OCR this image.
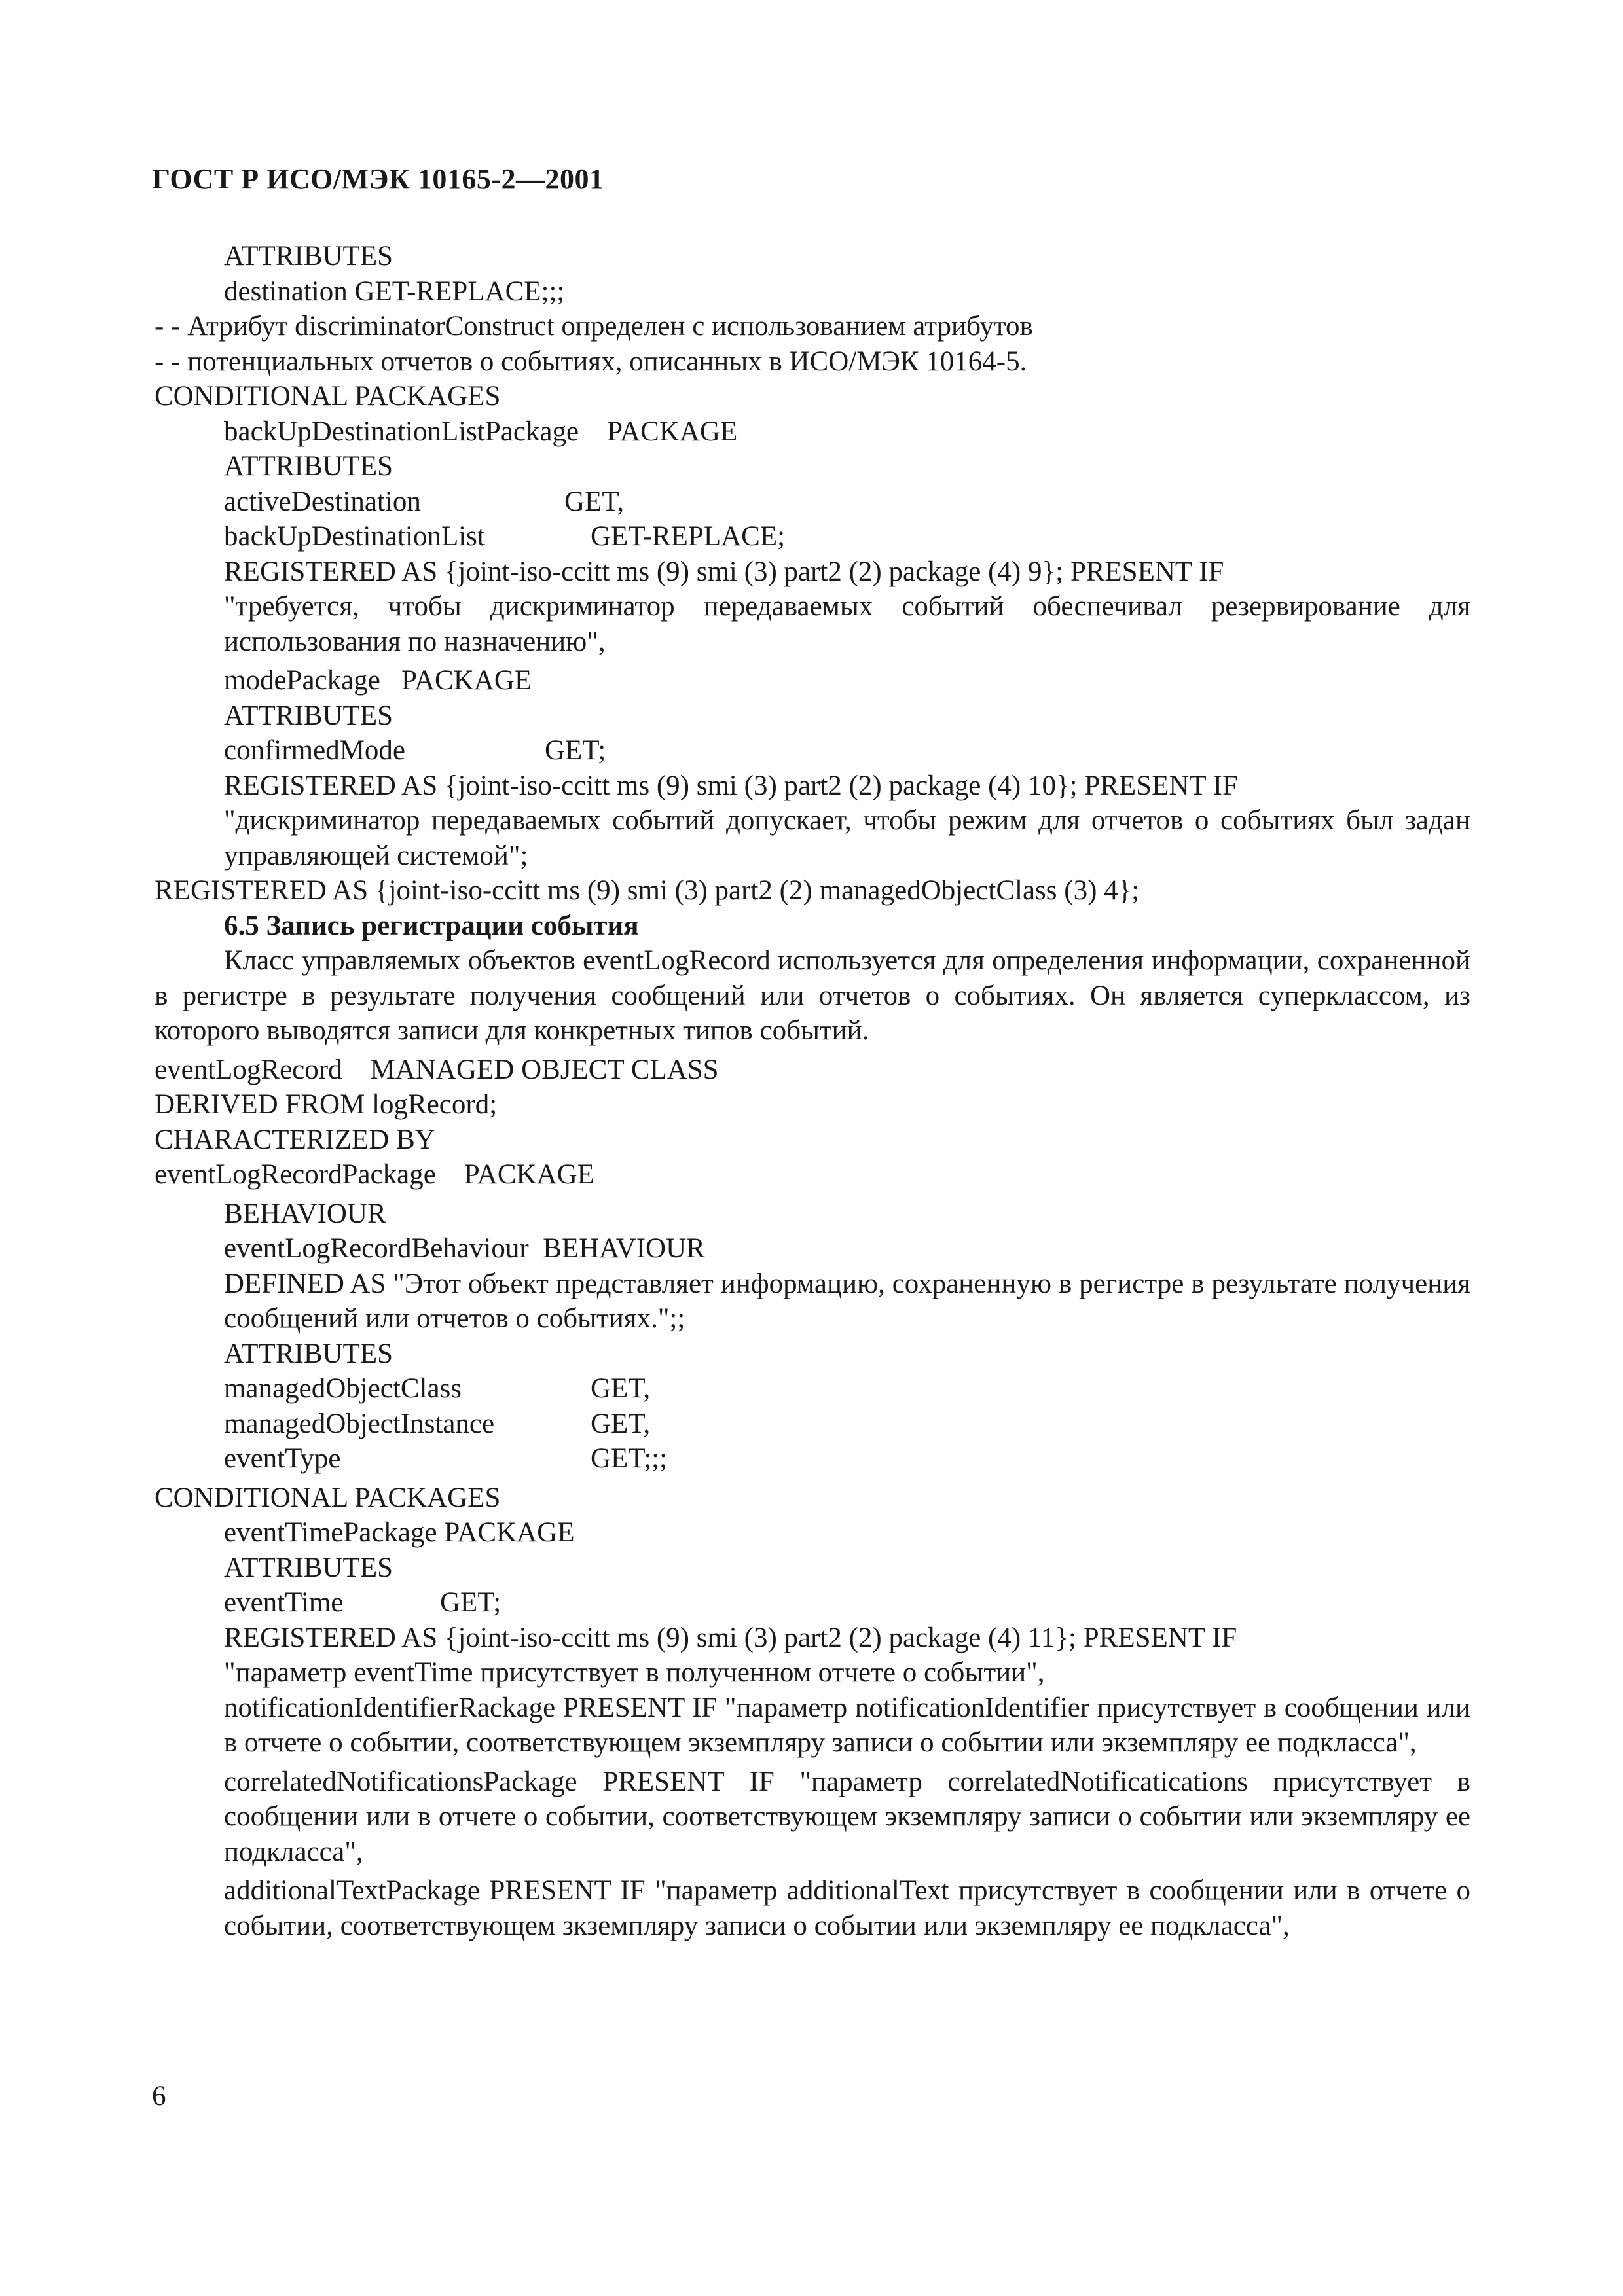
ГОСТ Р ИСО/МЭК 10165-2—2001
ATTRIBUTES
destination GET-REPLACE;;;
- - Атрибут discriminatorConstruct определен с использованием атрибутов
- - потенциальных отчетов о событиях, описанных в ИСО/МЭК 10164-5.
CONDITIONAL PACKAGES
backUpDestinationListPackage    PACKAGE
ATTRIBUTES
activeDestination	GET,
backUpDestinationList	GET-REPLACE;
REGISTERED AS {joint-iso-ccitt ms (9) smi (3) part2 (2) package (4) 9}; PRESENT IF
"требуется, чтобы дискриминатор передаваемых событий обеспечивал резервирование для использования по назначению",
modePackage   PACKAGE
ATTRIBUTES
confirmedMode	GET;
REGISTERED AS {joint-iso-ccitt ms (9) smi (3) part2 (2) package (4) 10}; PRESENT IF
"дискриминатор передаваемых событий допускает, чтобы режим для отчетов о событиях был задан управляющей системой";
REGISTERED AS {joint-iso-ccitt ms (9) smi (3) part2 (2) managedObjectClass (3) 4};
6.5 Запись регистрации события
Класс управляемых объектов eventLogRecord используется для определения информации, сохраненной в регистре в результате получения сообщений или отчетов о событиях. Он является суперклассом, из которого выводятся записи для конкретных типов событий.
eventLogRecord    MANAGED OBJECT CLASS
DERIVED FROM logRecord;
CHARACTERIZED BY
eventLogRecordPackage    PACKAGE
BEHAVIOUR
eventLogRecordBehaviour  BEHAVIOUR
DEFINED AS "Этот объект представляет информацию, сохраненную в регистре в результате получения сообщений или отчетов о событиях.";;
ATTRIBUTES
managedObjectClass	GET,
managedObjectInstance	GET,
eventType	GET;;;
CONDITIONAL PACKAGES
eventTimePackage PACKAGE
ATTRIBUTES
eventTime	GET;
REGISTERED AS {joint-iso-ccitt ms (9) smi (3) part2 (2) package (4) 11}; PRESENT IF
"параметр eventTime присутствует в полученном отчете о событии",
notificationIdentifierRackage PRESENT IF "параметр notificationIdentifier присутствует в сообщении или в отчете о событии, соответствующем экземпляру записи о событии или экземпляру ее подкласса",
correlatedNotificationsPackage PRESENT IF "параметр correlatedNotificatications присутствует в сообщении или в отчете о событии, соответствующем экземпляру записи о событии или экземпляру ее подкласса",
additionalTextPackage PRESENT IF "параметр additionalText присутствует в сообщении или в отчете о событии, соответствующем зкземпляру записи о событии или экземпляру ее подкласса",
6
